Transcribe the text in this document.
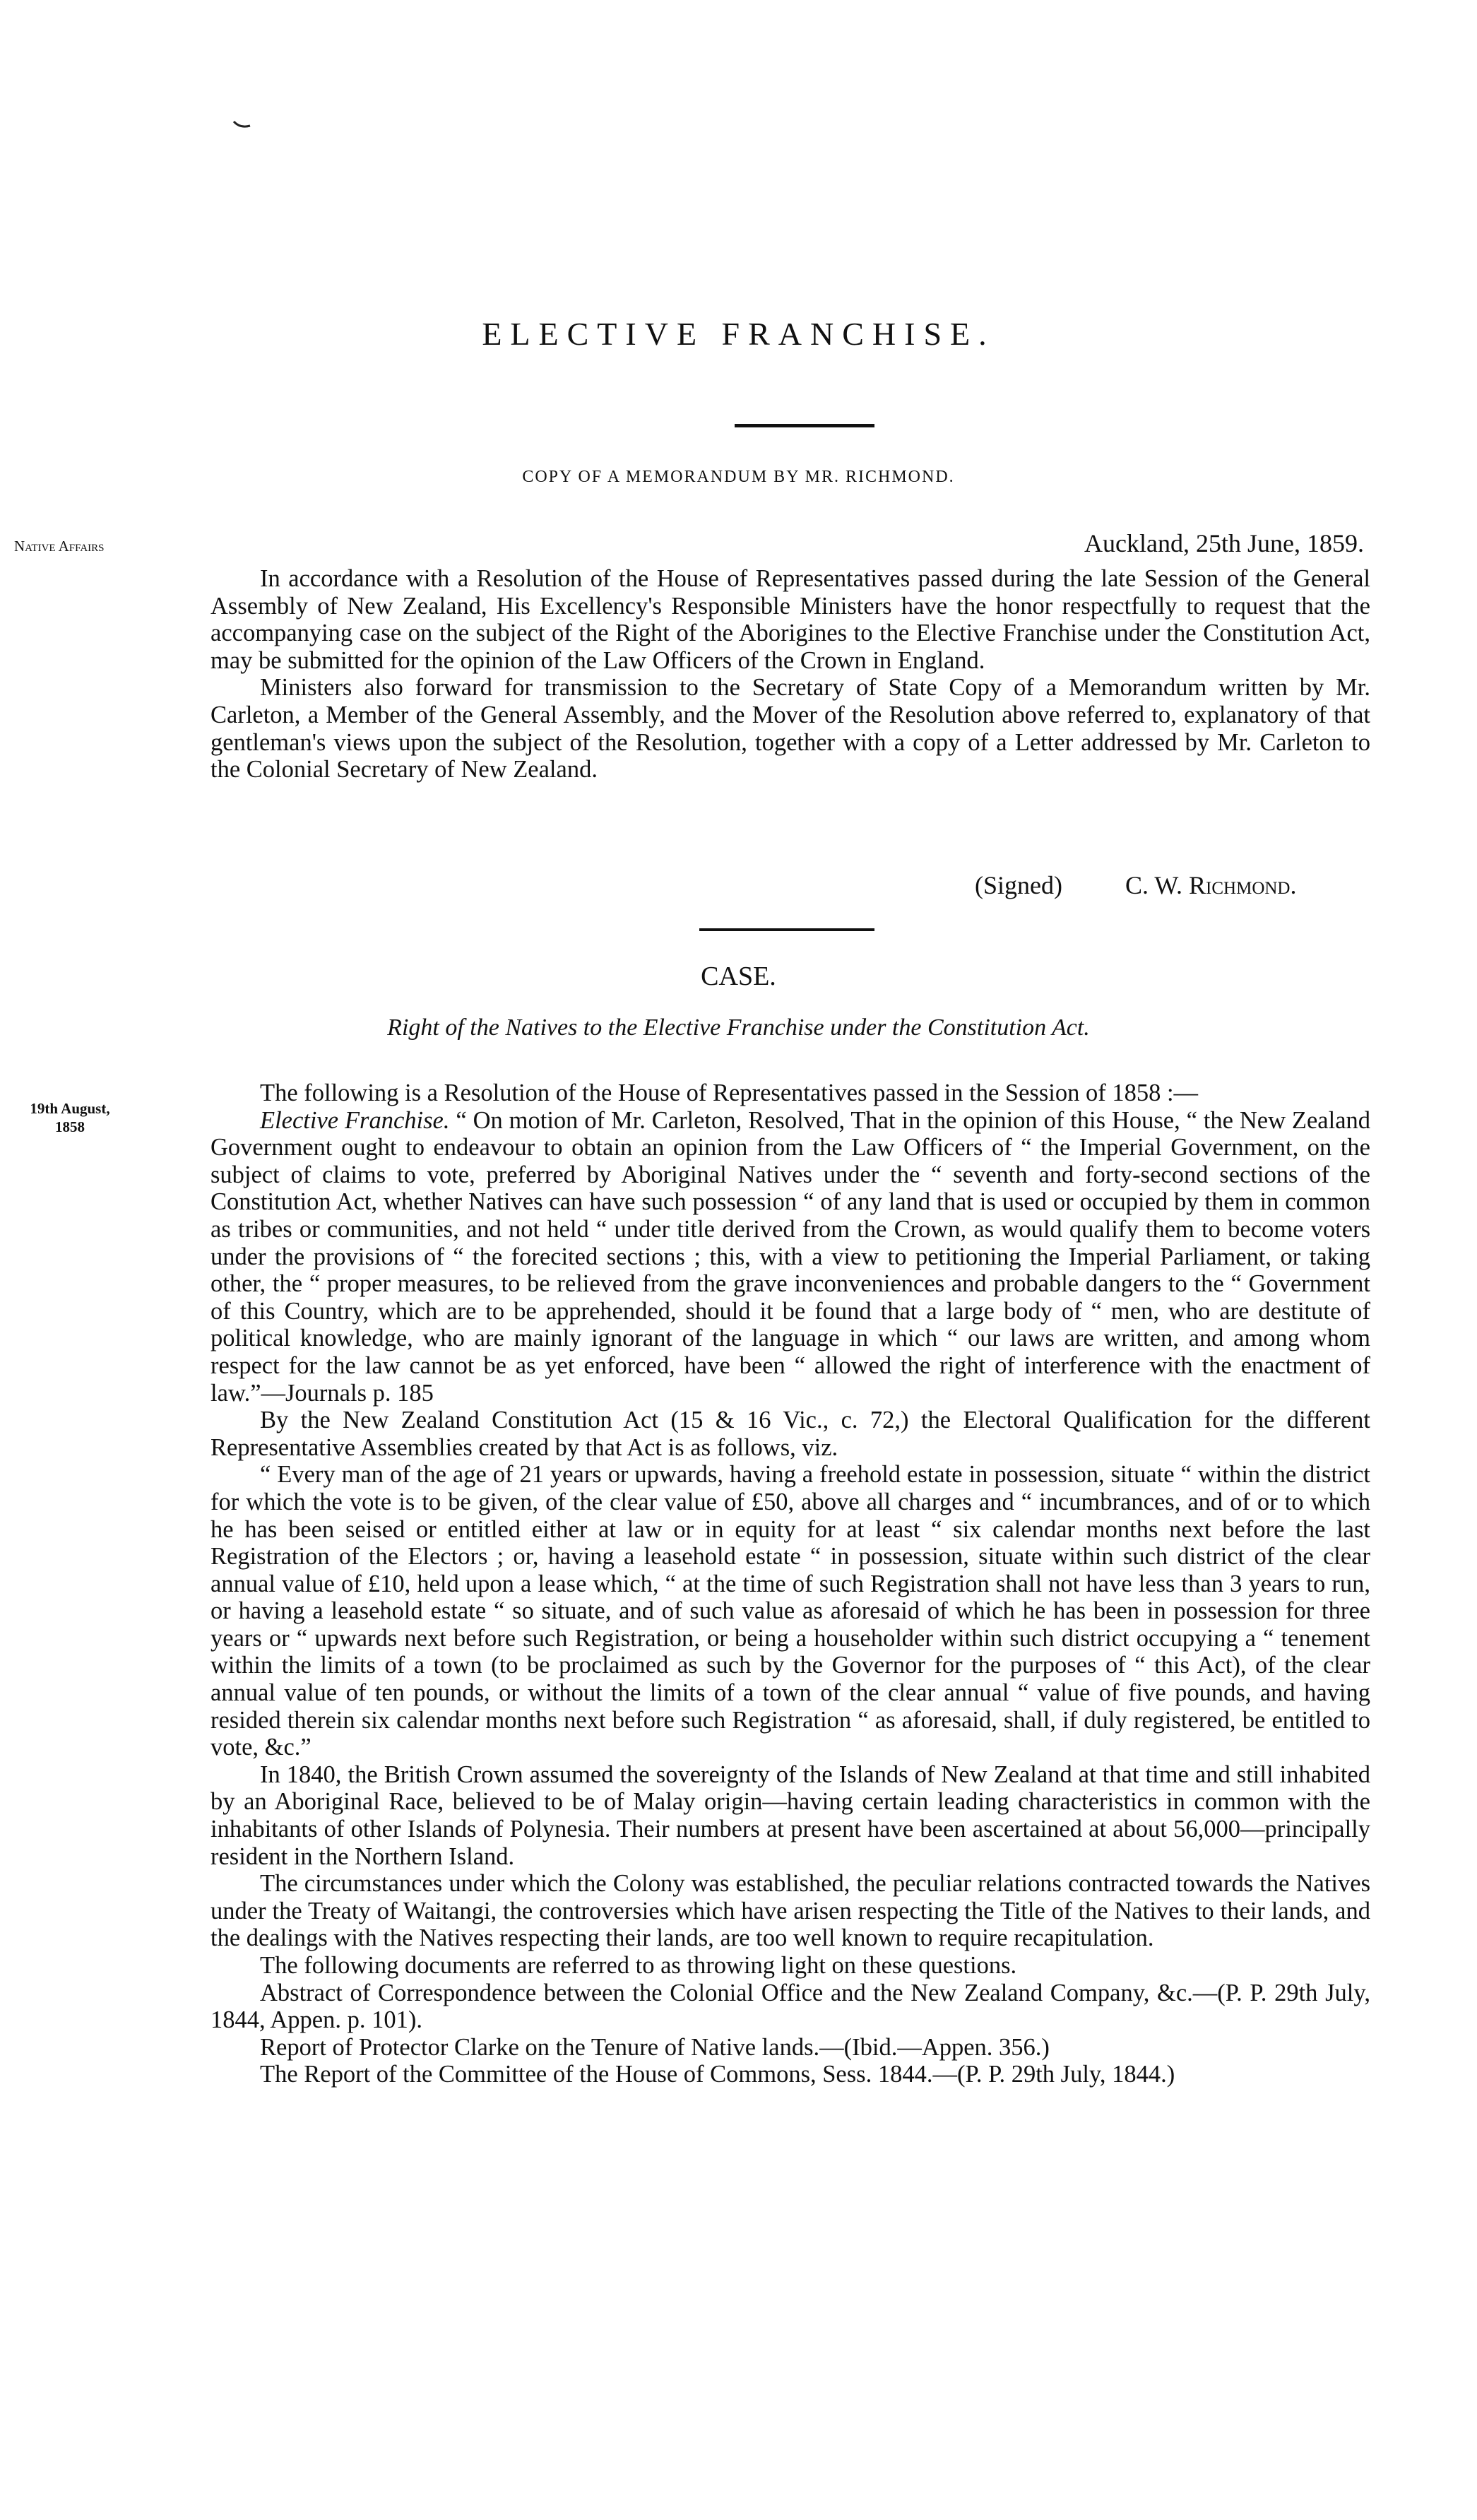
ELECTIVE FRANCHISE.
COPY OF A MEMORANDUM BY MR. RICHMOND.
Native Affairs	Auckland, 25th June, 1859.

In accordance with a Resolution of the House of Representatives passed during the late Session of the General Assembly of New Zealand, His Excellency's Responsible Ministers have the honor respectfully to request that the accompanying case on the subject of the Right of the Aborigines to the Elective Franchise under the Constitution Act, may be submitted for the opinion of the Law Officers of the Crown in England.

Ministers also forward for transmission to the Secretary of State Copy of a Memorandum written by Mr. Carleton, a Member of the General Assembly, and the Mover of the Resolution above referred to, explanatory of that gentleman's views upon the subject of the Resolution, together with a copy of a Letter addressed by Mr. Carleton to the Colonial Secretary of New Zealand.

(Signed) C. W. Richmond.
CASE.
Right of the Natives to the Elective Franchise under the Constitution Act.
19th August,
1858

The following is a Resolution of the House of Representatives passed in the Session of 1858 :—

Elective Franchise. “ On motion of Mr. Carleton, Resolved, That in the opinion of this House, “ the New Zealand Government ought to endeavour to obtain an opinion from the Law Officers of “ the Imperial Government, on the subject of claims to vote, preferred by Aboriginal Natives under the “ seventh and forty-second sections of the Constitution Act, whether Natives can have such possession “ of any land that is used or occupied by them in common as tribes or communities, and not held “ under title derived from the Crown, as would qualify them to become voters under the provisions of “ the forecited sections ; this, with a view to petitioning the Imperial Parliament, or taking other, the “ proper measures, to be relieved from the grave inconveniences and probable dangers to the “ Government of this Country, which are to be apprehended, should it be found that a large body of “ men, who are destitute of political knowledge, who are mainly ignorant of the language in which “ our laws are written, and among whom respect for the law cannot be as yet enforced, have been “ allowed the right of interference with the enactment of law.”—Journals p. 185

By the New Zealand Constitution Act (15 & 16 Vic., c. 72,) the Electoral Qualification for the different Representative Assemblies created by that Act is as follows, viz.

“ Every man of the age of 21 years or upwards, having a freehold estate in possession, situate “ within the district for which the vote is to be given, of the clear value of £50, above all charges and “ incumbrances, and of or to which he has been seised or entitled either at law or in equity for at least “ six calendar months next before the last Registration of the Electors ; or, having a leasehold estate “ in possession, situate within such district of the clear annual value of £10, held upon a lease which, “ at the time of such Registration shall not have less than 3 years to run, or having a leasehold estate “ so situate, and of such value as aforesaid of which he has been in possession for three years or “ upwards next before such Registration, or being a householder within such district occupying a “ tenement within the limits of a town (to be proclaimed as such by the Governor for the purposes of “ this Act), of the clear annual value of ten pounds, or without the limits of a town of the clear annual “ value of five pounds, and having resided therein six calendar months next before such Registration “ as aforesaid, shall, if duly registered, be entitled to vote, &c.”

In 1840, the British Crown assumed the sovereignty of the Islands of New Zealand at that time and still inhabited by an Aboriginal Race, believed to be of Malay origin—having certain leading characteristics in common with the inhabitants of other Islands of Polynesia. Their numbers at present have been ascertained at about 56,000—principally resident in the Northern Island.

The circumstances under which the Colony was established, the peculiar relations contracted towards the Natives under the Treaty of Waitangi, the controversies which have arisen respecting the Title of the Natives to their lands, and the dealings with the Natives respecting their lands, are too well known to require recapitulation.

The following documents are referred to as throwing light on these questions.

Abstract of Correspondence between the Colonial Office and the New Zealand Company, &c.—(P. P. 29th July, 1844, Appen. p. 101).

Report of Protector Clarke on the Tenure of Native lands.—(Ibid.—Appen. 356.)

The Report of the Committee of the House of Commons, Sess. 1844.—(P. P. 29th July, 1844.)
